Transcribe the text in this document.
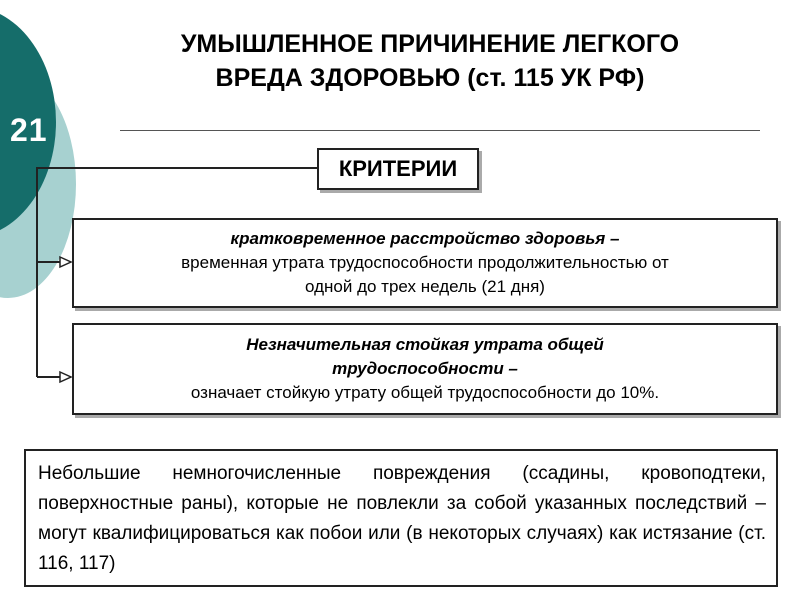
21
УМЫШЛЕННОЕ ПРИЧИНЕНИЕ ЛЕГКОГО
ВРЕДА ЗДОРОВЬЮ (ст. 115 УК РФ)
КРИТЕРИИ
кратковременное расстройство здоровья –
временная утрата трудоспособности продолжительностью от
одной до трех недель (21 дня)
Незначительная стойкая утрата общей
трудоспособности –
означает стойкую утрату общей трудоспособности до 10%.
Небольшие немногочисленные повреждения (ссадины, кровоподтеки, поверхностные раны), которые не повлекли за собой указанных последствий – могут квалифицироваться как побои или (в некоторых случаях) как истязание (ст. 116, 117)
